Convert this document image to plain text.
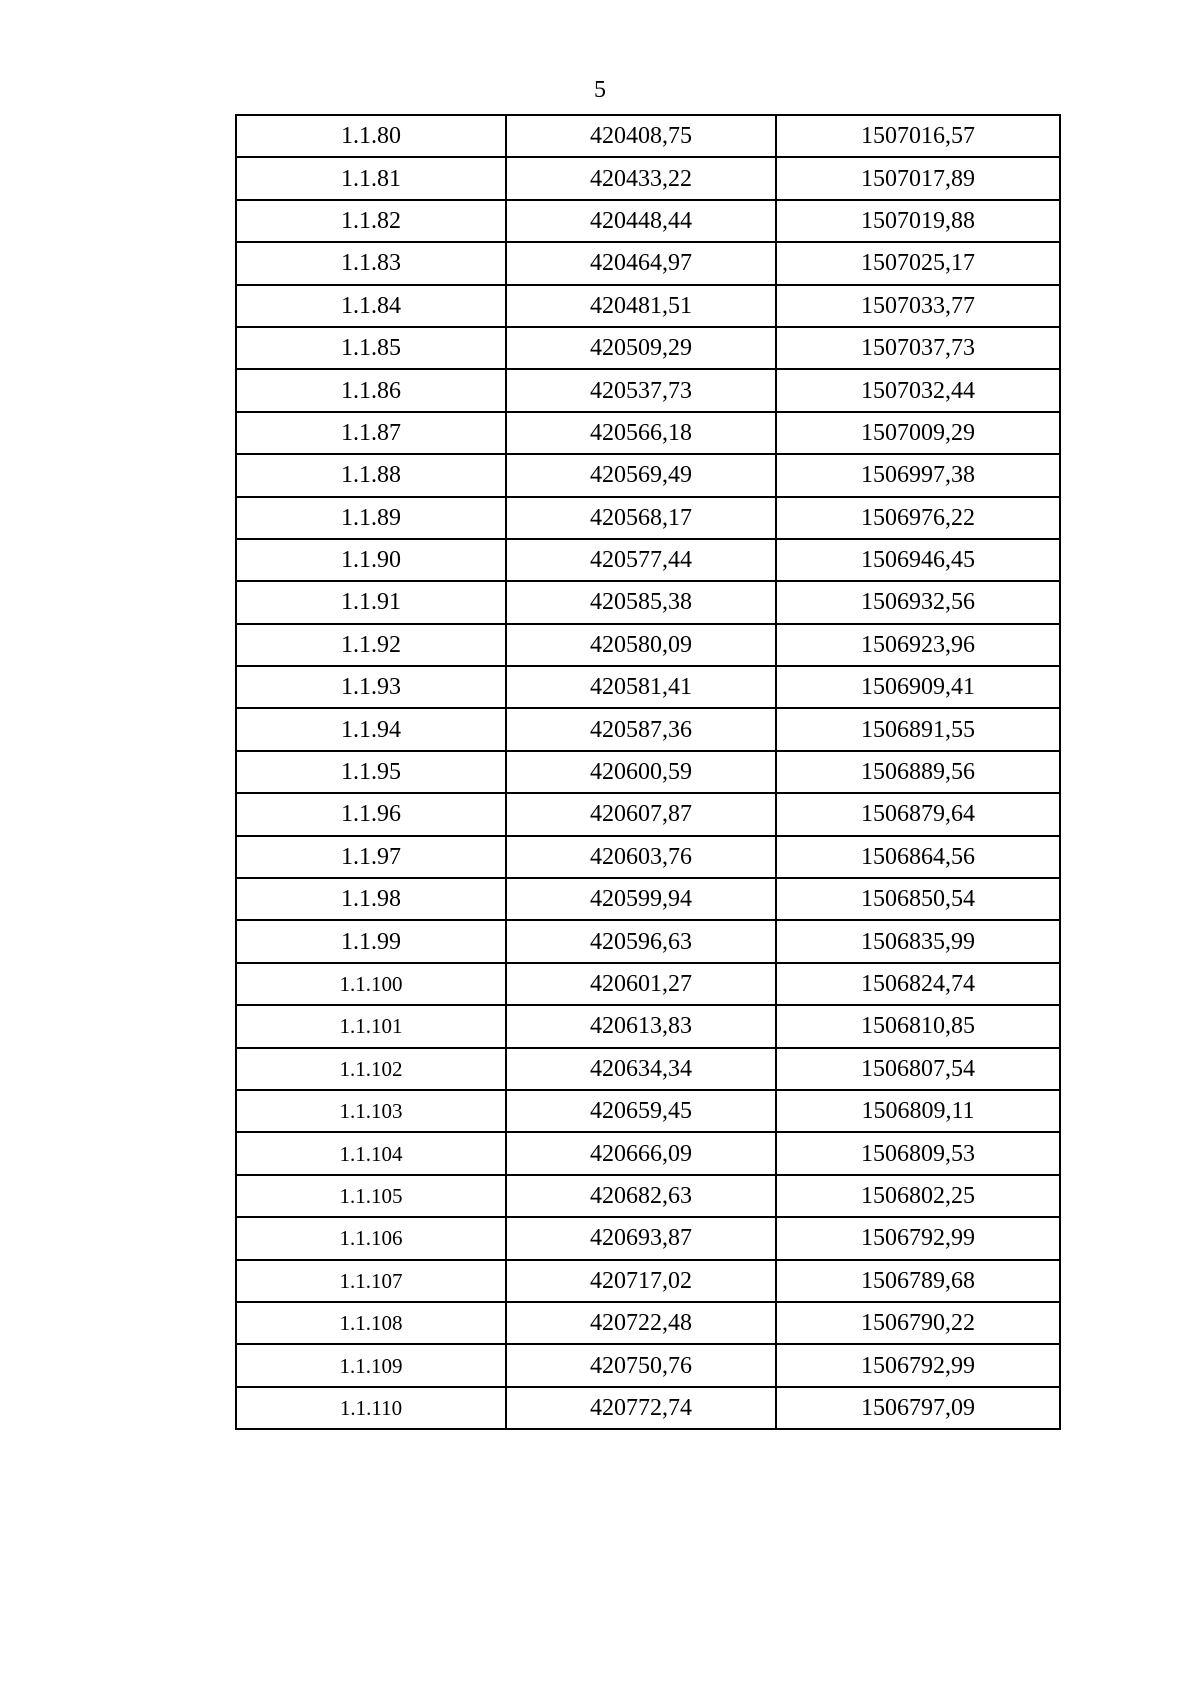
5
1.1.80	420408,75	1507016,57
1.1.81	420433,22	1507017,89
1.1.82	420448,44	1507019,88
1.1.83	420464,97	1507025,17
1.1.84	420481,51	1507033,77
1.1.85	420509,29	1507037,73
1.1.86	420537,73	1507032,44
1.1.87	420566,18	1507009,29
1.1.88	420569,49	1506997,38
1.1.89	420568,17	1506976,22
1.1.90	420577,44	1506946,45
1.1.91	420585,38	1506932,56
1.1.92	420580,09	1506923,96
1.1.93	420581,41	1506909,41
1.1.94	420587,36	1506891,55
1.1.95	420600,59	1506889,56
1.1.96	420607,87	1506879,64
1.1.97	420603,76	1506864,56
1.1.98	420599,94	1506850,54
1.1.99	420596,63	1506835,99
1.1.100	420601,27	1506824,74
1.1.101	420613,83	1506810,85
1.1.102	420634,34	1506807,54
1.1.103	420659,45	1506809,11
1.1.104	420666,09	1506809,53
1.1.105	420682,63	1506802,25
1.1.106	420693,87	1506792,99
1.1.107	420717,02	1506789,68
1.1.108	420722,48	1506790,22
1.1.109	420750,76	1506792,99
1.1.110	420772,74	1506797,09
